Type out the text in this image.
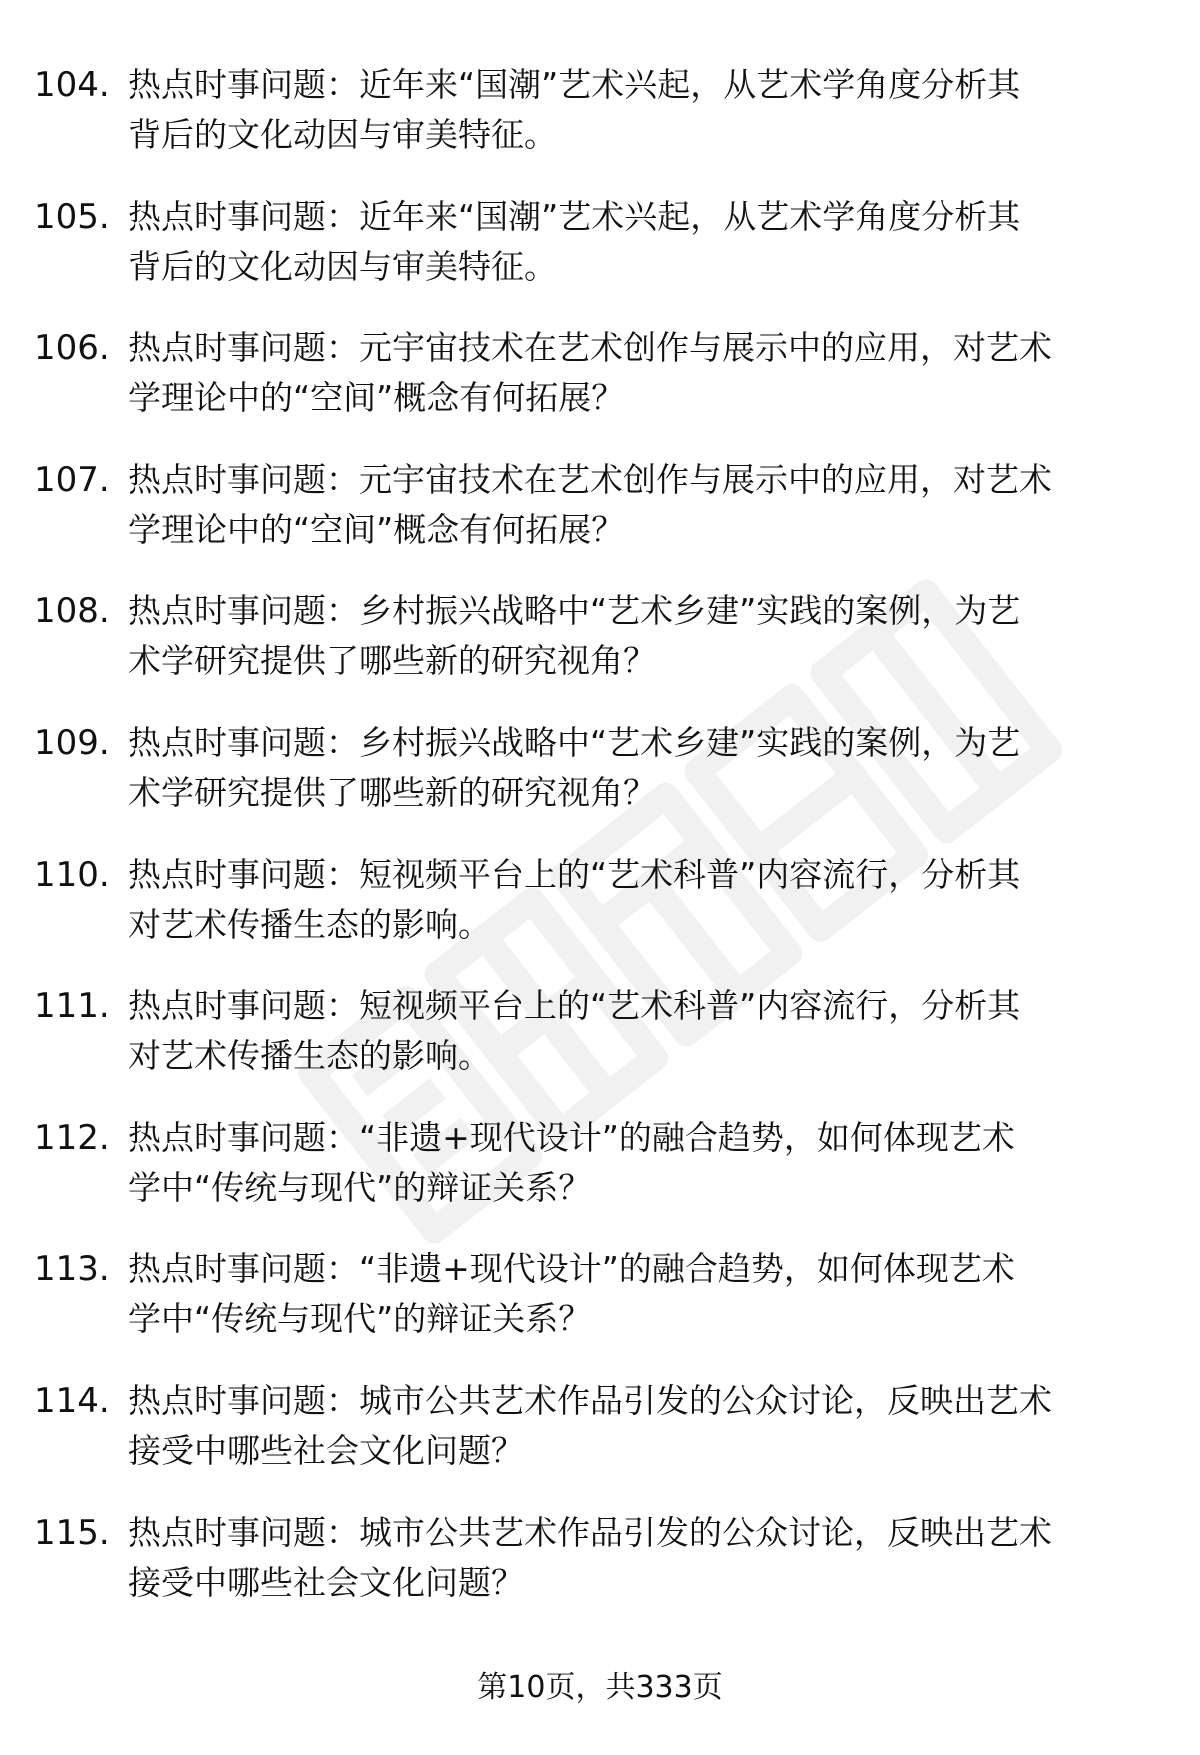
104. 热点时事问题：近年来“国潮”艺术兴起，从艺术学角度分析其
背后的文化动因与审美特征。
105. 热点时事问题：近年来“国潮”艺术兴起，从艺术学角度分析其
背后的文化动因与审美特征。
106. 热点时事问题：元宇宙技术在艺术创作与展示中的应用，对艺术
学理论中的“空间”概念有何拓展？
107. 热点时事问题：元宇宙技术在艺术创作与展示中的应用，对艺术
学理论中的“空间”概念有何拓展？
108. 热点时事问题：乡村振兴战略中“艺术乡建”实践的案例，为艺
术学研究提供了哪些新的研究视角？
109. 热点时事问题：乡村振兴战略中“艺术乡建”实践的案例，为艺
术学研究提供了哪些新的研究视角？
110. 热点时事问题：短视频平台上的“艺术科普”内容流行，分析其
对艺术传播生态的影响。
111. 热点时事问题：短视频平台上的“艺术科普”内容流行，分析其
对艺术传播生态的影响。
112. 热点时事问题：“非遗+现代设计”的融合趋势，如何体现艺术
学中“传统与现代”的辩证关系？
113. 热点时事问题：“非遗+现代设计”的融合趋势，如何体现艺术
学中“传统与现代”的辩证关系？
114. 热点时事问题：城市公共艺术作品引发的公众讨论，反映出艺术
接受中哪些社会文化问题？
115. 热点时事问题：城市公共艺术作品引发的公众讨论，反映出艺术
接受中哪些社会文化问题？
第10页，共333页
